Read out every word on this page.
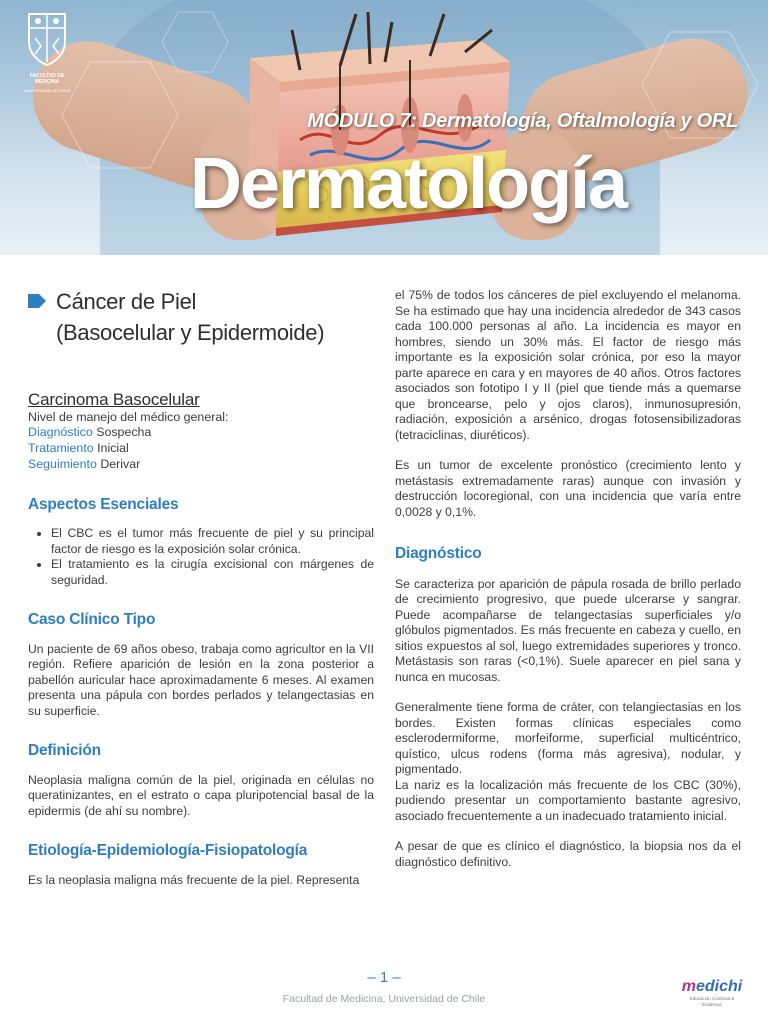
FACULTAD DE MEDICINA
UNIVERSIDAD DE CHILE
MÓDULO 7: Dermatología, Oftalmología y ORL
Dermatología
Cáncer de Piel
(Basocelular y Epidermoide)
Carcinoma Basocelular
Nivel de manejo del médico general:
Diagnóstico Sospecha
Tratamiento Inicial
Seguimiento Derivar
Aspectos Esenciales
• El CBC es el tumor más frecuente de piel y su principal factor de riesgo es la exposición solar crónica.
• El tratamiento es la cirugía excisional con márgenes de seguridad.
Caso Clínico Tipo

Un paciente de 69 años obeso, trabaja como agricultor en la VII región. Refiere aparición de lesión en la zona posterior a pabellón auricular hace aproximadamente 6 meses. Al examen presenta una pápula con bordes perlados y telangectasias en su superficie.

Definición

Neoplasia maligna común de la piel, originada en células no queratinizantes, en el estrato o capa pluripotencial basal de la epidermis (de ahí su nombre).

Etiología-Epidemiología-Fisiopatología

Es la neoplasia maligna más frecuente de la piel. Representa

el 75% de todos los cánceres de piel excluyendo el melanoma. Se ha estimado que hay una incidencia alrededor de 343 casos cada 100.000 personas al año. La incidencia es mayor en hombres, siendo un 30% más. El factor de riesgo más importante es la exposición solar crónica, por eso la mayor parte aparece en cara y en mayores de 40 años. Otros factores asociados son fototipo I y II (piel que tiende más a quemarse que broncearse, pelo y ojos claros), inmunosupresión, radiación, exposición a arsénico, drogas fotosensibilizadoras (tetraciclinas, diuréticos).

Es un tumor de excelente pronóstico (crecimiento lento y metástasis extremadamente raras) aunque con invasión y destrucción locoregional, con una incidencia que varía entre 0,0028 y 0,1%.

Diagnóstico

Se caracteriza por aparición de pápula rosada de brillo perlado de crecimiento progresivo, que puede ulcerarse y sangrar. Puede acompañarse de telangectasias superficiales y/o glóbulos pigmentados. Es más frecuente en cabeza y cuello, en sitios expuestos al sol, luego extremidades superiores y tronco. Metástasis son raras (<0,1%). Suele aparecer en piel sana y nunca en mucosas.

Generalmente tiene forma de cráter, con telangiectasias en los bordes. Existen formas clínicas especiales como esclerodermiforme, morfeiforme, superficial multicéntrico, quístico, ulcus rodens (forma más agresiva), nodular, y pigmentado.

La nariz es la localización más frecuente de los CBC (30%), pudiendo presentar un comportamiento bastante agresivo, asociado frecuentemente a un inadecuado tratamiento inicial.

A pesar de que es clínico el diagnóstico, la biopsia nos da el diagnóstico definitivo.

– 1 –
Facultad de Medicina, Universidad de Chile
medichi
Educación Continua & Evidencia
